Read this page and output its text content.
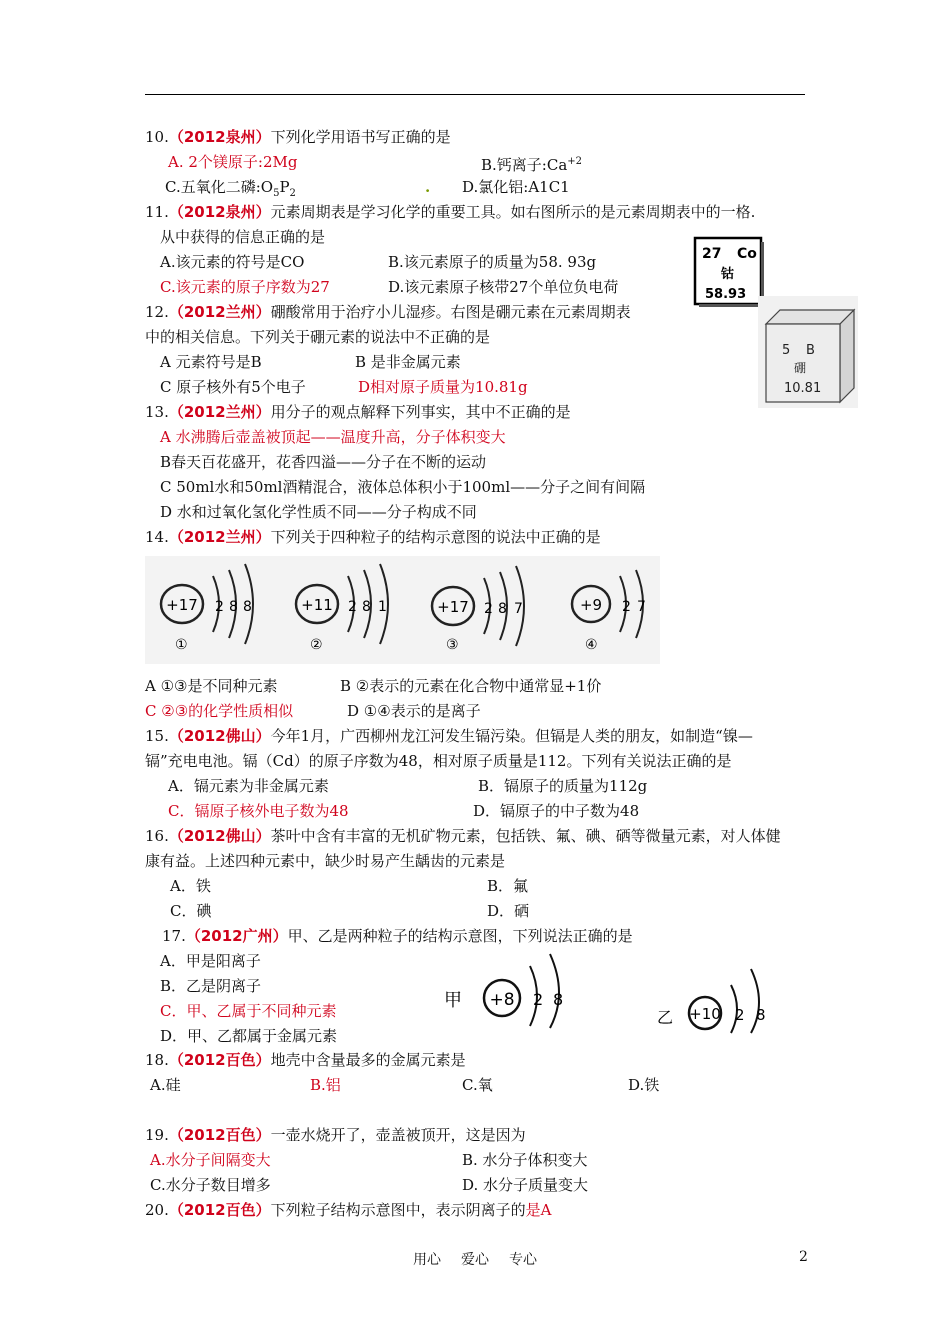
10.（2012泉州）下列化学用语书写正确的是
A. 2个镁原子:2Mg	B.钙离子$:Ca^{+2}$
C.五氧化二磷$:O_5P_2$	. D.氯化铝:A1C1
11.（2012泉州）元素周期表是学习化学的重要工具。如右图所示的是元素周期表中的一格.
从中获得的信息正确的是
A.该元素的符号是CO	B.该元素原子的质量为58. 93g
C.该元素的原子序数为27	D.该元素原子核带27个单位负电荷
27 Co
钴
58.93
12.（2012兰州）硼酸常用于治疗小儿湿疹。右图是硼元素在元素周期表
中的相关信息。下列关于硼元素的说法中不正确的是
A 元素符号是B	B 是非金属元素
C 原子核外有5个电子	D相对原子质量为10.81g
5 B
硼
10.81
13.（2012兰州）用分子的观点解释下列事实，其中不正确的是
A 水沸腾后壶盖被顶起——温度升高，分子体积变大
B春天百花盛开，花香四溢——分子在不断的运动
C 50ml水和50ml酒精混合，液体总体积小于100ml——分子之间有间隔
D 水和过氧化氢化学性质不同——分子构成不同
14.（2012兰州）下列关于四种粒子的结构示意图的说法中正确的是
+17 2 8 8
①
+11 2 8 1
②
+17 2 8 7
③
+9 2 7
④
A ①③是不同种元素	B ②表示的元素在化合物中通常显+1价
C ②③的化学性质相似	D ①④表示的是离子
15.（2012佛山）今年1月，广西柳州龙江河发生镉污染。但镉是人类的朋友，如制造“镍—
镉”充电电池。镉（Cd）的原子序数为48，相对原子质量是112。下列有关说法正确的是
A．镉元素为非金属元素	B．镉原子的质量为112g
C．镉原子核外电子数为48	D．镉原子的中子数为48
16.（2012佛山）茶叶中含有丰富的无机矿物元素，包括铁、氟、碘、硒等微量元素，对人体健
康有益。上述四种元素中，缺少时易产生龋齿的元素是
A．铁	B．氟
C．碘	D．硒
17.（2012广州）甲、乙是两种粒子的结构示意图，下列说法正确的是
A．甲是阳离子
B．乙是阴离子
C．甲、乙属于不同种元素
D．甲、乙都属于金属元素
甲 +8 2 8
乙 +10 2 8
18.（2012百色）地壳中含量最多的金属元素是
A.硅	B.铝	C.氧	D.铁
19.（2012百色）一壶水烧开了，壶盖被顶开，这是因为
A.水分子间隔变大	B. 水分子体积变大
C.水分子数目增多	D. 水分子质量变大
20.（2012百色）下列粒子结构示意图中，表示阴离子的是A
用心 爱心 专心	2
